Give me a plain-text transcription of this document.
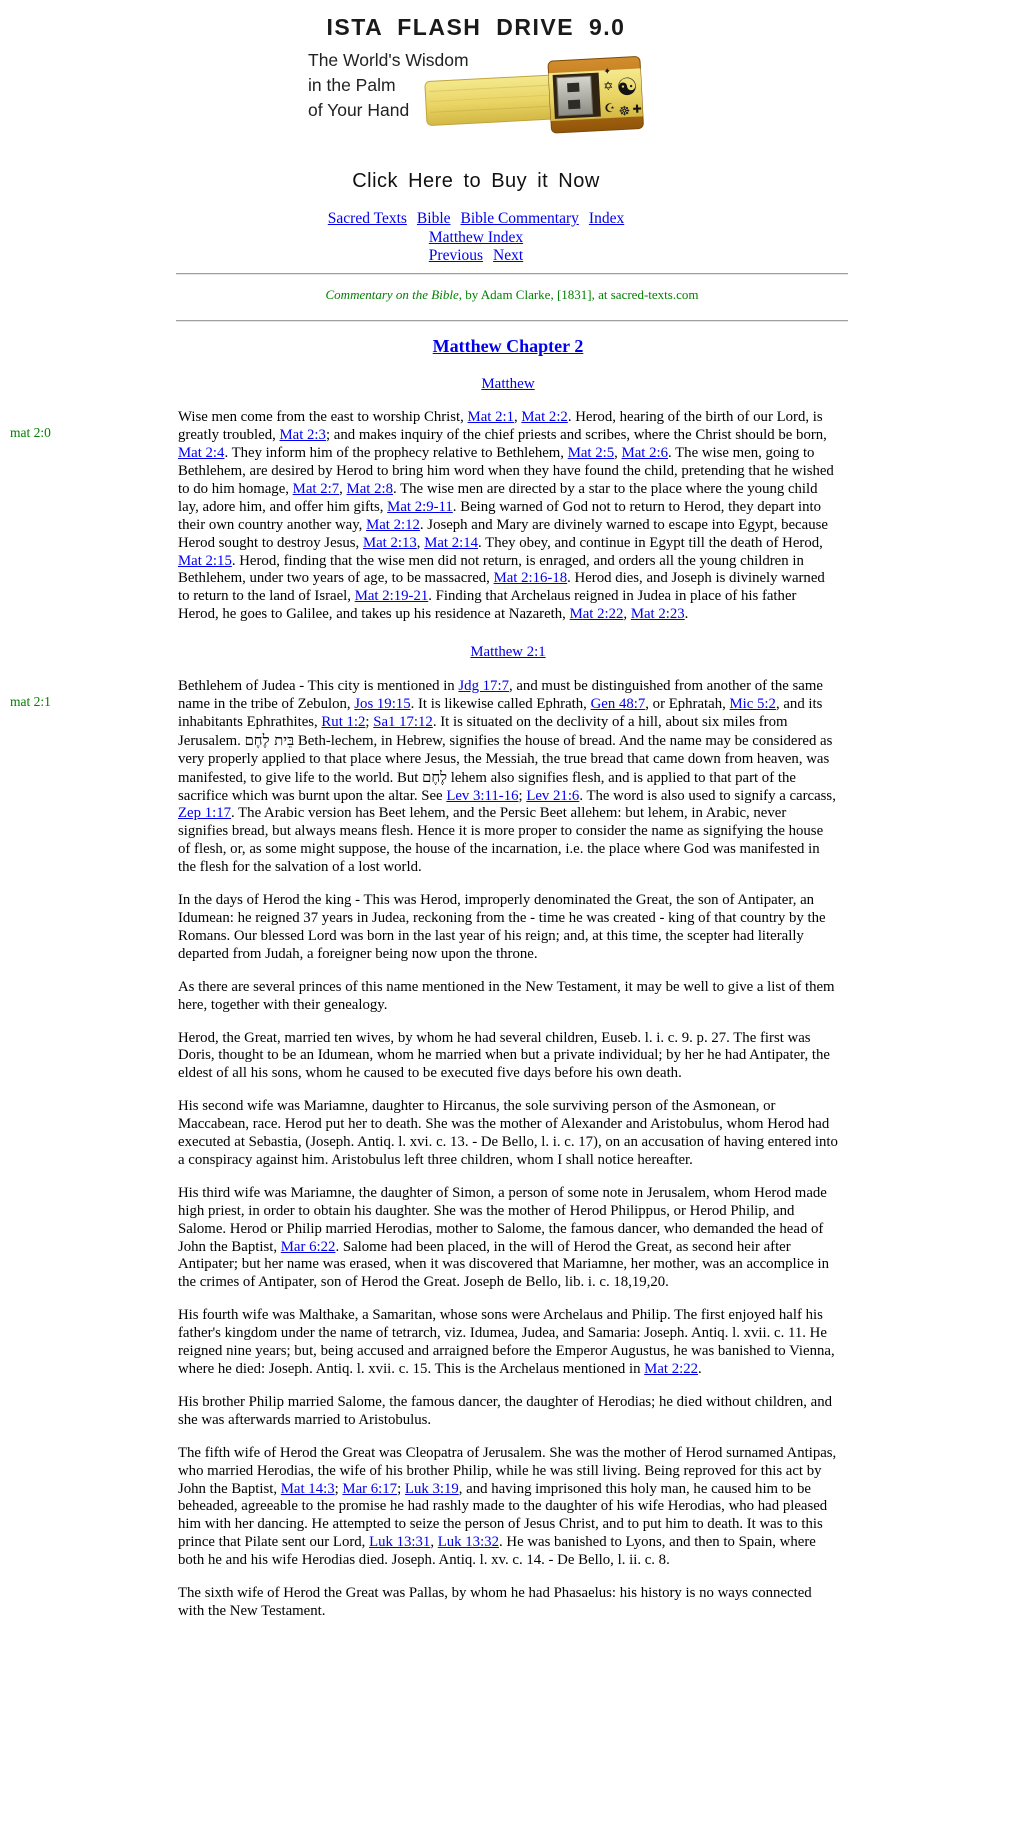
ISTA FLASH DRIVE 9.0
The World's Wisdom
in the Palm
of Your Hand
✦
✡ ☯
☪ ☸ ✚
Click Here to Buy it Now
Sacred Texts Bible Bible Commentary Index
Matthew Index
Previous Next
Commentary on the Bible, by Adam Clarke, [1831], at sacred-texts.com
Matthew Chapter 2
Matthew
mat 2:0

Wise men come from the east to worship Christ, Mat 2:1, Mat 2:2. Herod, hearing of the birth of our Lord, is greatly troubled, Mat 2:3; and makes inquiry of the chief priests and scribes, where the Christ should be born, Mat 2:4. They inform him of the prophecy relative to Bethlehem, Mat 2:5, Mat 2:6. The wise men, going to Bethlehem, are desired by Herod to bring him word when they have found the child, pretending that he wished to do him homage, Mat 2:7, Mat 2:8. The wise men are directed by a star to the place where the young child lay, adore him, and offer him gifts, Mat 2:9-11. Being warned of God not to return to Herod, they depart into their own country another way, Mat 2:12. Joseph and Mary are divinely warned to escape into Egypt, because Herod sought to destroy Jesus, Mat 2:13, Mat 2:14. They obey, and continue in Egypt till the death of Herod, Mat 2:15. Herod, finding that the wise men did not return, is enraged, and orders all the young children in Bethlehem, under two years of age, to be massacred, Mat 2:16-18. Herod dies, and Joseph is divinely warned to return to the land of Israel, Mat 2:19-21. Finding that Archelaus reigned in Judea in place of his father Herod, he goes to Galilee, and takes up his residence at Nazareth, Mat 2:22, Mat 2:23.

Matthew 2:1
mat 2:1

Bethlehem of Judea - This city is mentioned in Jdg 17:7, and must be distinguished from another of the same name in the tribe of Zebulon, Jos 19:15. It is likewise called Ephrath, Gen 48:7, or Ephratah, Mic 5:2, and its inhabitants Ephrathites, Rut 1:2; Sa1 17:12. It is situated on the declivity of a hill, about six miles from Jerusalem. בֵּית לֶחֶם Beth-lechem, in Hebrew, signifies the house of bread. And the name may be considered as very properly applied to that place where Jesus, the Messiah, the true bread that came down from heaven, was manifested, to give life to the world. But לֶחֶם lehem also signifies flesh, and is applied to that part of the sacrifice which was burnt upon the altar. See Lev 3:11-16; Lev 21:6. The word is also used to signify a carcass, Zep 1:17. The Arabic version has Beet lehem, and the Persic Beet allehem: but lehem, in Arabic, never signifies bread, but always means flesh. Hence it is more proper to consider the name as signifying the house of flesh, or, as some might suppose, the house of the incarnation, i.e. the place where God was manifested in the flesh for the salvation of a lost world.

In the days of Herod the king - This was Herod, improperly denominated the Great, the son of Antipater, an Idumean: he reigned 37 years in Judea, reckoning from the - time he was created - king of that country by the Romans. Our blessed Lord was born in the last year of his reign; and, at this time, the scepter had literally departed from Judah, a foreigner being now upon the throne.

As there are several princes of this name mentioned in the New Testament, it may be well to give a list of them here, together with their genealogy.

Herod, the Great, married ten wives, by whom he had several children, Euseb. l. i. c. 9. p. 27. The first was Doris, thought to be an Idumean, whom he married when but a private individual; by her he had Antipater, the eldest of all his sons, whom he caused to be executed five days before his own death.

His second wife was Mariamne, daughter to Hircanus, the sole surviving person of the Asmonean, or Maccabean, race. Herod put her to death. She was the mother of Alexander and Aristobulus, whom Herod had executed at Sebastia, (Joseph. Antiq. l. xvi. c. 13. - De Bello, l. i. c. 17), on an accusation of having entered into a conspiracy against him. Aristobulus left three children, whom I shall notice hereafter.

His third wife was Mariamne, the daughter of Simon, a person of some note in Jerusalem, whom Herod made high priest, in order to obtain his daughter. She was the mother of Herod Philippus, or Herod Philip, and Salome. Herod or Philip married Herodias, mother to Salome, the famous dancer, who demanded the head of John the Baptist, Mar 6:22. Salome had been placed, in the will of Herod the Great, as second heir after Antipater; but her name was erased, when it was discovered that Mariamne, her mother, was an accomplice in the crimes of Antipater, son of Herod the Great. Joseph de Bello, lib. i. c. 18,19,20.

His fourth wife was Malthake, a Samaritan, whose sons were Archelaus and Philip. The first enjoyed half his father's kingdom under the name of tetrarch, viz. Idumea, Judea, and Samaria: Joseph. Antiq. l. xvii. c. 11. He reigned nine years; but, being accused and arraigned before the Emperor Augustus, he was banished to Vienna, where he died: Joseph. Antiq. l. xvii. c. 15. This is the Archelaus mentioned in Mat 2:22.

His brother Philip married Salome, the famous dancer, the daughter of Herodias; he died without children, and she was afterwards married to Aristobulus.

The fifth wife of Herod the Great was Cleopatra of Jerusalem. She was the mother of Herod surnamed Antipas, who married Herodias, the wife of his brother Philip, while he was still living. Being reproved for this act by John the Baptist, Mat 14:3; Mar 6:17; Luk 3:19, and having imprisoned this holy man, he caused him to be beheaded, agreeable to the promise he had rashly made to the daughter of his wife Herodias, who had pleased him with her dancing. He attempted to seize the person of Jesus Christ, and to put him to death. It was to this prince that Pilate sent our Lord, Luk 13:31, Luk 13:32. He was banished to Lyons, and then to Spain, where both he and his wife Herodias died. Joseph. Antiq. l. xv. c. 14. - De Bello, l. ii. c. 8.

The sixth wife of Herod the Great was Pallas, by whom he had Phasaelus: his history is no ways connected with the New Testament.
